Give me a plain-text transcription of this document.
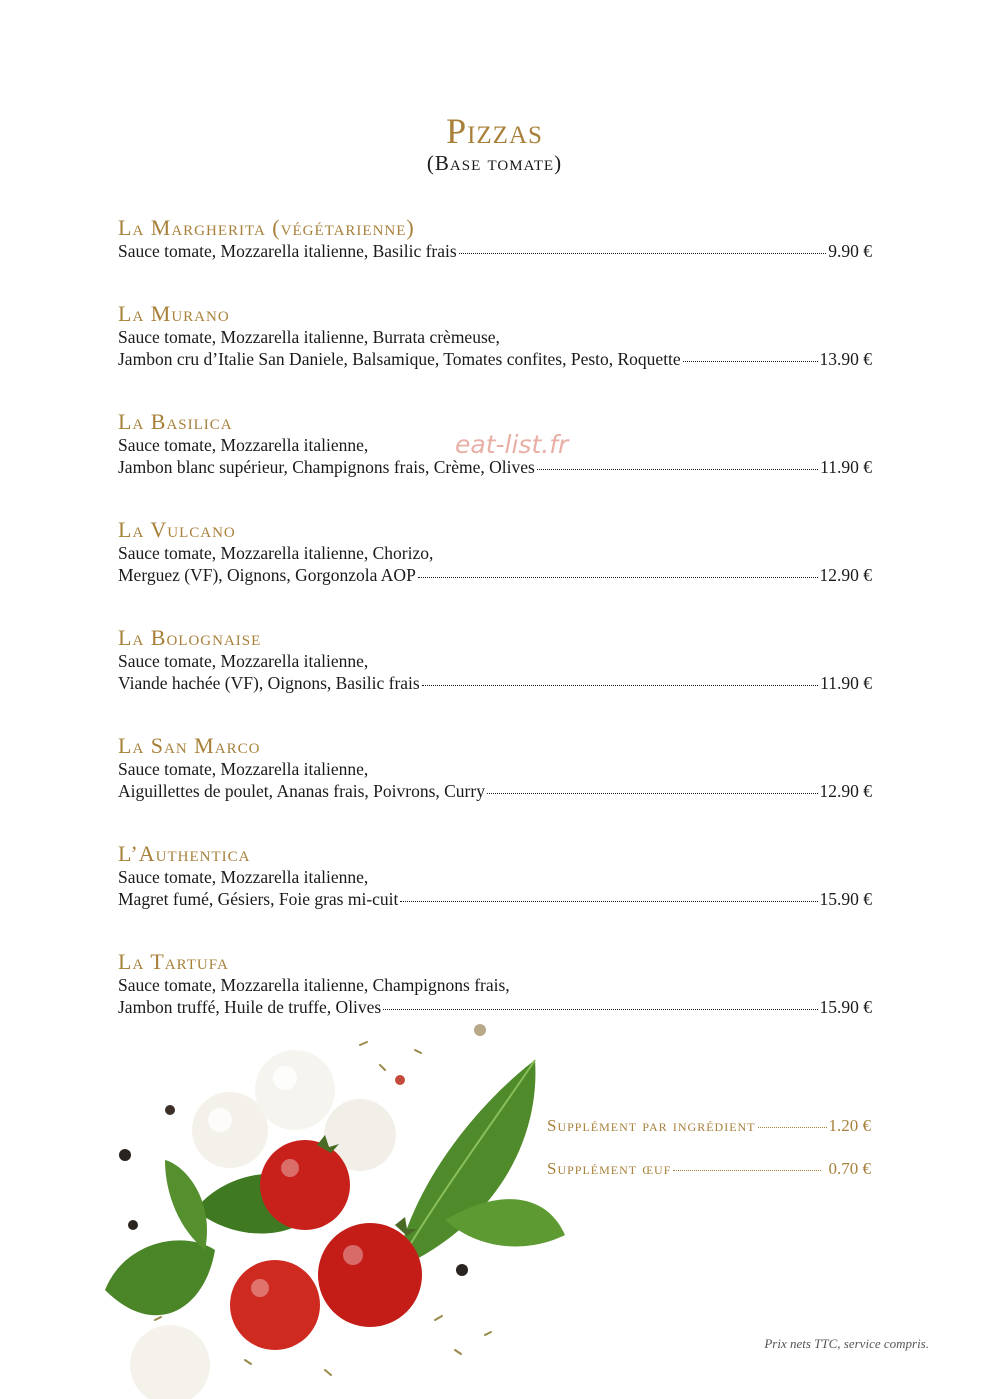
Pizzas
(Base tomate)
La Margherita (végétarienne)
Sauce tomate, Mozzarella italienne, Basilic frais	9.90 €
La Murano
Sauce tomate, Mozzarella italienne, Burrata crèmeuse,
Jambon cru d’Italie San Daniele, Balsamique, Tomates confites, Pesto, Roquette	13.90 €
La Basilica
Sauce tomate, Mozzarella italienne,
Jambon blanc supérieur, Champignons frais, Crème, Olives	11.90 €
La Vulcano
Sauce tomate, Mozzarella italienne, Chorizo,
Merguez (VF), Oignons, Gorgonzola AOP	12.90 €
La Bolognaise
Sauce tomate, Mozzarella italienne,
Viande hachée (VF), Oignons, Basilic frais	11.90 €
La San Marco
Sauce tomate, Mozzarella italienne,
Aiguillettes de poulet, Ananas frais, Poivrons, Curry	12.90 €
L’Authentica
Sauce tomate, Mozzarella italienne,
Magret fumé, Gésiers, Foie gras mi-cuit	15.90 €
La Tartufa
Sauce tomate, Mozzarella italienne, Champignons frais,
Jambon truffé, Huile de truffe, Olives	15.90 €
eat-list.fr
Supplément par ingrédient	1.20 €
Supplément œuf	0.70 €
Prix nets TTC, service compris.
